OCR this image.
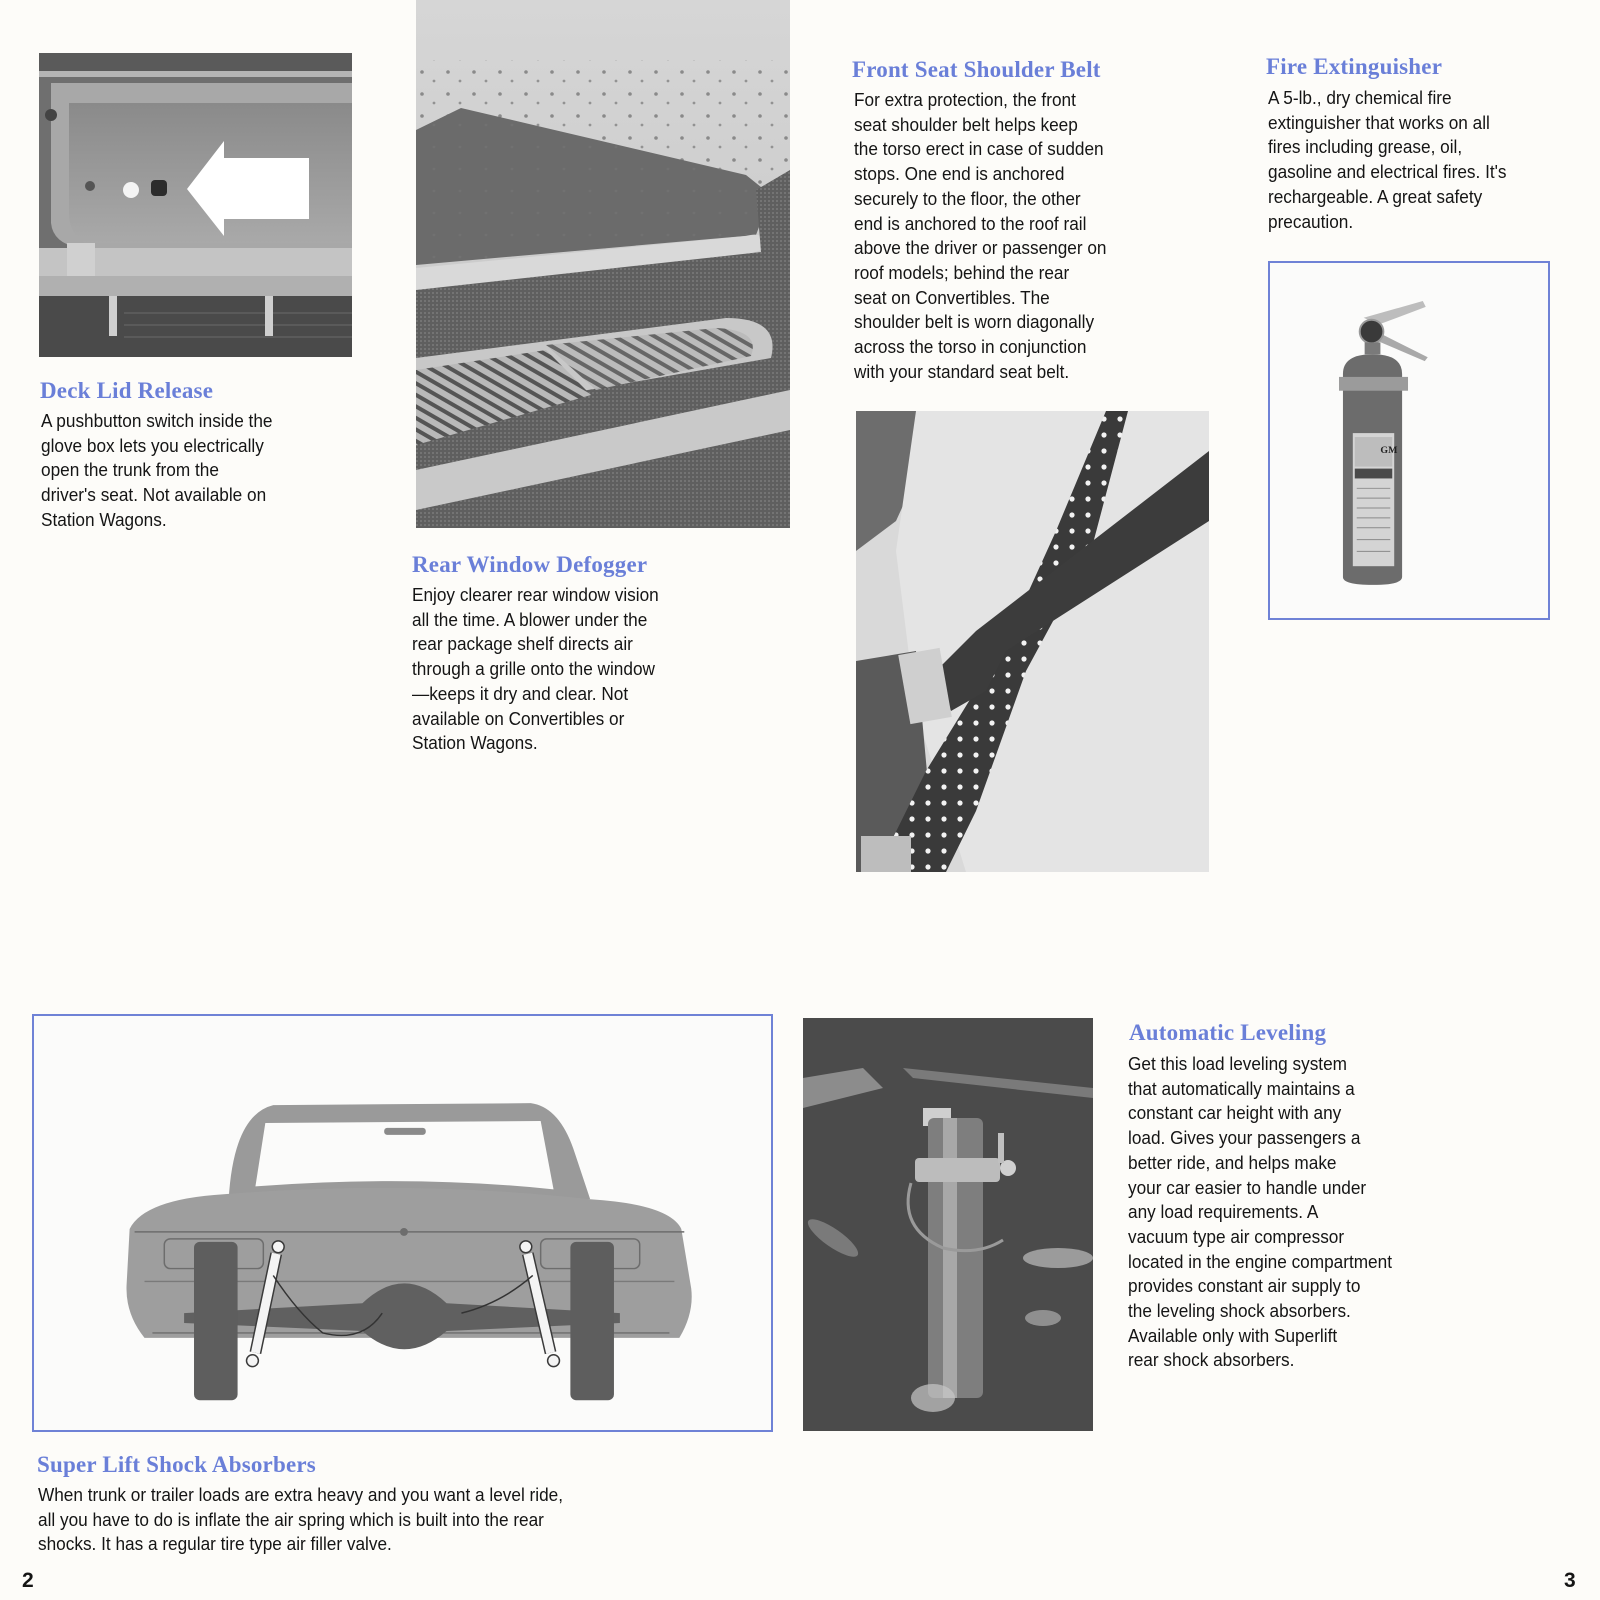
Deck Lid Release
A pushbutton switch inside the
glove box lets you electrically
open the trunk from the
driver's seat. Not available on
Station Wagons.
Rear Window Defogger
Enjoy clearer rear window vision
all the time. A blower under the
rear package shelf directs air
through a grille onto the window
—keeps it dry and clear. Not
available on Convertibles or
Station Wagons.
Front Seat Shoulder Belt
For extra protection, the front
seat shoulder belt helps keep
the torso erect in case of sudden
stops. One end is anchored
securely to the floor, the other
end is anchored to the roof rail
above the driver or passenger on
roof models; behind the rear
seat on Convertibles. The
shoulder belt is worn diagonally
across the torso in conjunction
with your standard seat belt.
Fire Extinguisher
A 5-lb., dry chemical fire
extinguisher that works on all
fires including grease, oil,
gasoline and electrical fires. It's
rechargeable. A great safety
precaution.
GM
Super Lift Shock Absorbers
When trunk or trailer loads are extra heavy and you want a level ride,
all you have to do is inflate the air spring which is built into the rear
shocks. It has a regular tire type air filler valve.
Automatic Leveling
Get this load leveling system
that automatically maintains a
constant car height with any
load. Gives your passengers a
better ride, and helps make
your car easier to handle under
any load requirements. A
vacuum type air compressor
located in the engine compartment
provides constant air supply to
the leveling shock absorbers.
Available only with Superlift
rear shock absorbers.
2	3
